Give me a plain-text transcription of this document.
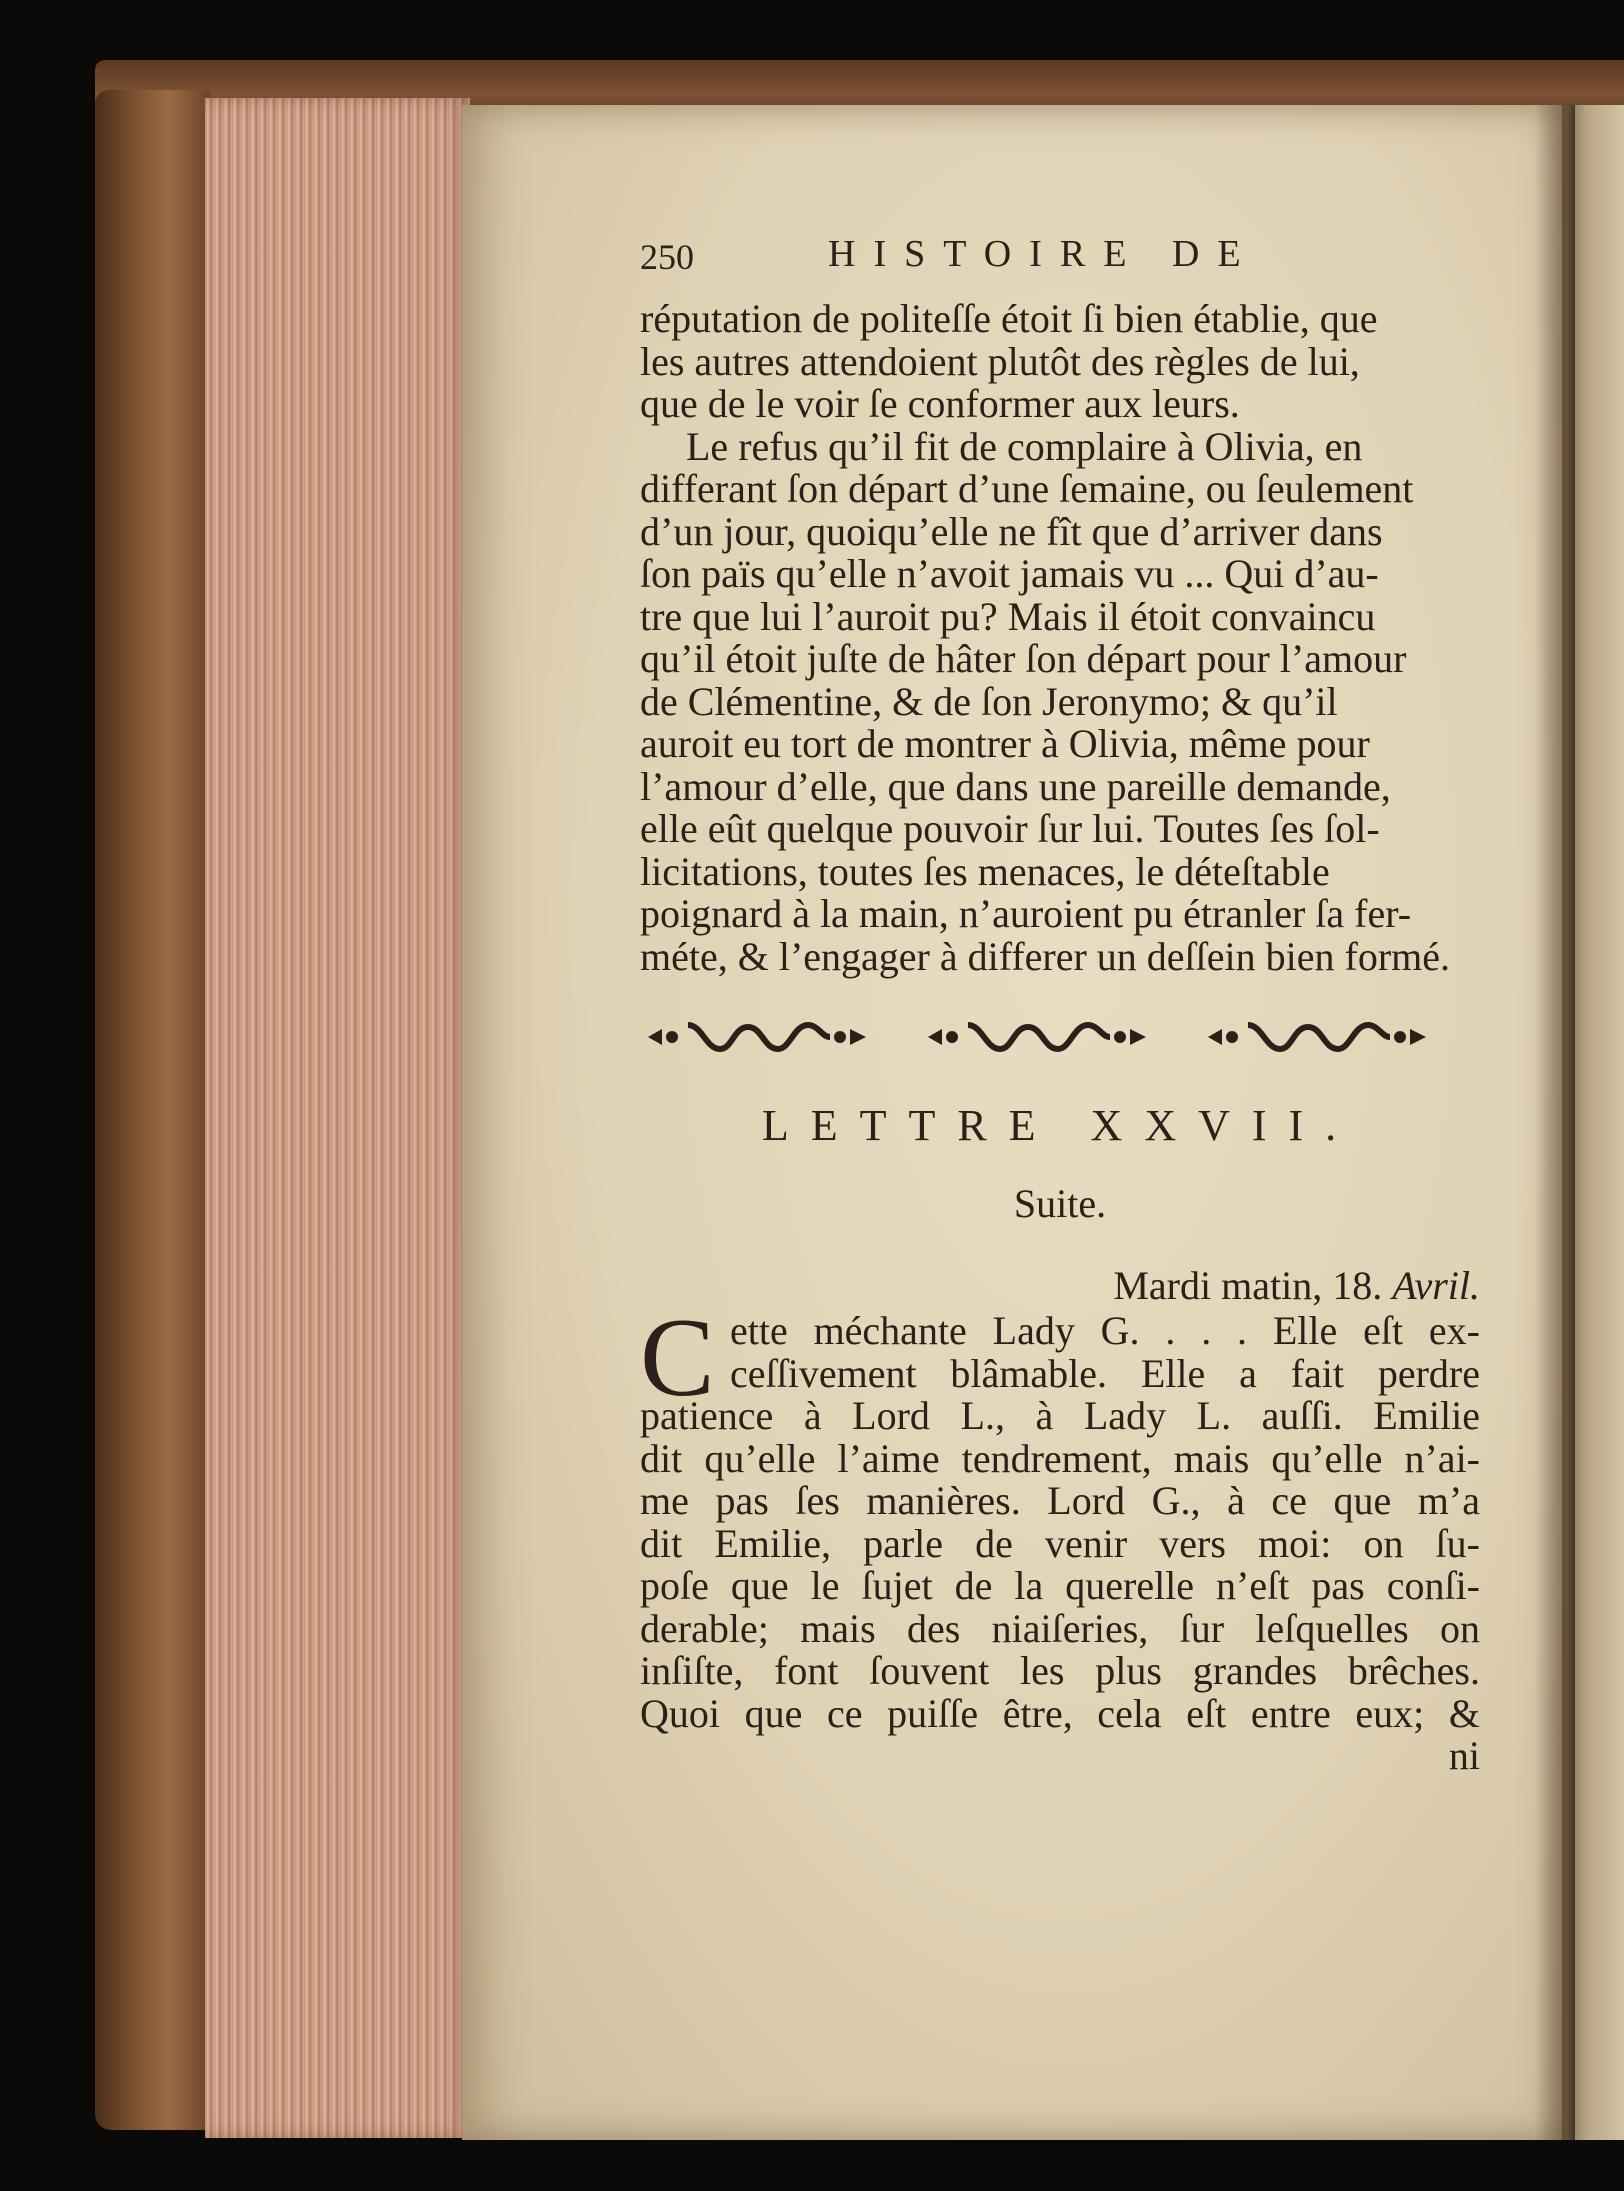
250	HISTOIRE DE

réputation de politeſſe étoit ſi bien établie, que

les autres attendoient plutôt des règles de lui,

que de le voir ſe conformer aux leurs.

Le refus qu’il fit de complaire à Olivia, en

differant ſon départ d’une ſemaine, ou ſeulement

d’un jour, quoiqu’elle ne fît que d’arriver dans

ſon païs qu’elle n’avoit jamais vu ... Qui d’au-

tre que lui l’auroit pu? Mais il étoit convaincu

qu’il étoit juſte de hâter ſon départ pour l’amour

de Clémentine, & de ſon Jeronymo; & qu’il

auroit eu tort de montrer à Olivia, même pour

l’amour d’elle, que dans une pareille demande,

elle eût quelque pouvoir ſur lui. Toutes ſes ſol-

licitations, toutes ſes menaces, le déteſtable

poignard à la main, n’auroient pu étranler ſa fer-

méte, & l’engager à differer un deſſein bien formé.

LETTRE XXVII.
Suite.
Mardi matin, 18. Avril.
C ette méchante Lady G. . . . Elle eſt ex-
ceſſivement blâmable. Elle a fait perdre
patience à Lord L., à Lady L. auſſi. Emilie
dit qu’elle l’aime tendrement, mais qu’elle n’ai-
me pas ſes manières. Lord G., à ce que m’a
dit Emilie, parle de venir vers moi: on ſu-
poſe que le ſujet de la querelle n’eſt pas conſi-
derable; mais des niaiſeries, ſur leſquelles on
inſiſte, font ſouvent les plus grandes brêches.
Quoi que ce puiſſe être, cela eſt entre eux; &
ni
